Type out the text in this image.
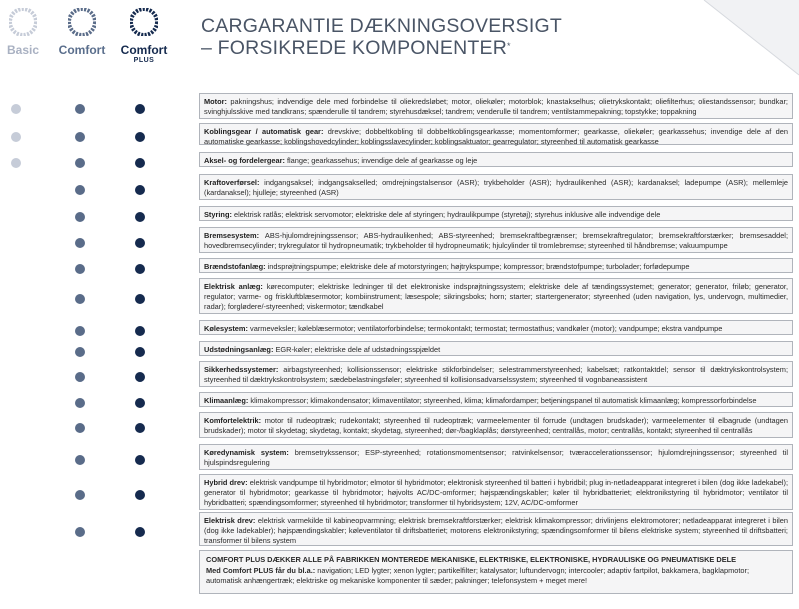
Basic Comfort Comfort
PLUS
CARGARANTIE DÆKNINGSOVERSIGT
– FORSIKREDE KOMPONENTER*
Motor: pakningshus; indvendige dele med forbindelse til oliekredsløbet; motor, oliekøler; motorblok; knastakselhus; olietrykskontakt; oliefilterhus; oliestandssensor; bundkar; svinghjulsskive med tandkrans; spænderulle til tandrem; styrehusdæksel; tandrem; venderulle til tandrem; ventilstammepakning; topstykke; toppakning
Koblingsgear / automatisk gear: drevskive; dobbeltkobling til dobbeltkoblingsgearkasse; momentomformer; gearkasse, oliekøler; gearkassehus; invendige dele af den automatiske gearkasse; koblingshovedcylinder; koblingsslavecylinder; koblingsaktuator; gearregulator; styreenhed til automatisk gearkasse
Aksel- og fordelergear: flange; gearkassehus; invendige dele af gearkasse og leje
Kraftoverførsel: indgangsaksel; indgangsakselled; omdrejningstalsensor (ASR); trykbeholder (ASR); hydraulikenhed (ASR); kardanaksel; ladepumpe (ASR); mellemleje (kardanaksel); hjulleje; styreenhed (ASR)
Styring: elektrisk ratlås; elektrisk servomotor; elektriske dele af styringen; hydraulikpumpe (styretøj); styrehus inklusive alle indvendige dele
Bremsesystem: ABS-hjulomdrejningssensor; ABS-hydraulikenhed; ABS-styreenhed; bremsekraftbegrænser; bremsekraftregulator; bremsekraftforstærker; bremsesaddel; hovedbremsecylinder; trykregulator til hydropneumatik; trykbeholder til hydropneumatik; hjulcylinder til tromlebremse; styreenhed til håndbremse; vakuumpumpe
Brændstofanlæg: indsprøjtningspumpe; elektriske dele af motorstyringen; højtrykspumpe; kompressor; brændstofpumpe; turbolader; forfødepumpe
Elektrisk anlæg: kørecomputer; elektriske ledninger til det elektroniske indsprøjtningssystem; elektriske dele af tændingssystemet; generator; generator, friløb; generator, regulator; varme- og friskluftblæsermotor; kombiinstrument; læsespole; sikringsboks; horn; starter; startergenerator; styreenhed (uden navigation, lys, undervogn, multimedier, radar); forglødere/-styreenhed; viskermotor; tændkabel
Kølesystem: varmeveksler; køleblæsermotor; ventilatorforbindelse; termokontakt; termostat; termostathus; vandkøler (motor); vandpumpe; ekstra vandpumpe
Udstødningsanlæg: EGR-køler; elektriske dele af udstødningsspjældet
Sikkerhedssystemer: airbagstyreenhed; kollisionssensor; elektriske stikforbindelser; selestrammerstyreenhed; kabelsæt; ratkontaktdel; sensor til dæktrykskontrolsystem; styreenhed til dæktrykskontrolsystem; sædebelastningsføler; styreenhed til kollisionsadvarselssystem; styreenhed til vognbaneassistent
Klimaanlæg: klimakompressor; klimakondensator; klimaventilator; styreenhed, klima; klimafordamper; betjeningspanel til automatisk klimaanlæg; kompressorforbindelse
Komfortelektrik: motor til rudeoptræk; rudekontakt; styreenhed til rudeoptræk; varmeelementer til forrude (undtagen brudskader); varmeelementer til elbagrude (undtagen brudskader); motor til skydetag; skydetag, kontakt; skydetag, styreenhed; dør-/bagklaplås; dørstyreenhed; centrallås, motor; centrallås, kontakt; styreenhed til centrallås
Køredynamisk system: bremsetrykssensor; ESP-styreenhed; rotationsmomentsensor; ratvinkelsensor; tværaccelerationssensor; hjulomdrejningssensor; styreenhed til hjulspindsregulering
Hybrid drev: elektrisk vandpumpe til hybridmotor; elmotor til hybridmotor; elektronisk styreenhed til batteri i hybridbil; plug in-netladeapparat integreret i bilen (dog ikke ladekabel); generator til hybridmotor; gearkasse til hybridmotor; højvolts AC/DC-omformer; højspændingskabler; køler til hybridbatteriet; elektronikstyring til hybridmotor; ventilator til hybridbatteri; spændingsomformer; styreenhed til hybridmotor; transformer til hybridsystem; 12V, AC/DC-omformer
Elektrisk drev: elektrisk varmekilde til kabineopvarmning; elektrisk bremsekraftforstærker; elektrisk klimakompressor; drivlinjens elektromotorer; netladeapparat integreret i bilen (dog ikke ladekabler); højspændingskabler; køleventilator til driftsbatteriet; motorens elektronikstyring; spændingsomformer til bilens elektriske system; styreenhed til driftsbatteri; transformer til bilens system
COMFORT PLUS DÆKKER ALLE PÅ FABRIKKEN MONTEREDE MEKANISKE, ELEKTRISKE, ELEKTRONISKE, HYDRAULISKE OG PNEUMATISKE DELE
Med Comfort PLUS får du bl.a.: navigation; LED lygter; xenon lygter; partikelfilter; katalysator; luftundervogn; intercooler; adaptiv fartpilot, bakkamera, bagklapmotor; automatisk anhængertræk; elektriske og mekaniske komponenter til sæder; pakninger; telefonsystem + meget mere!
